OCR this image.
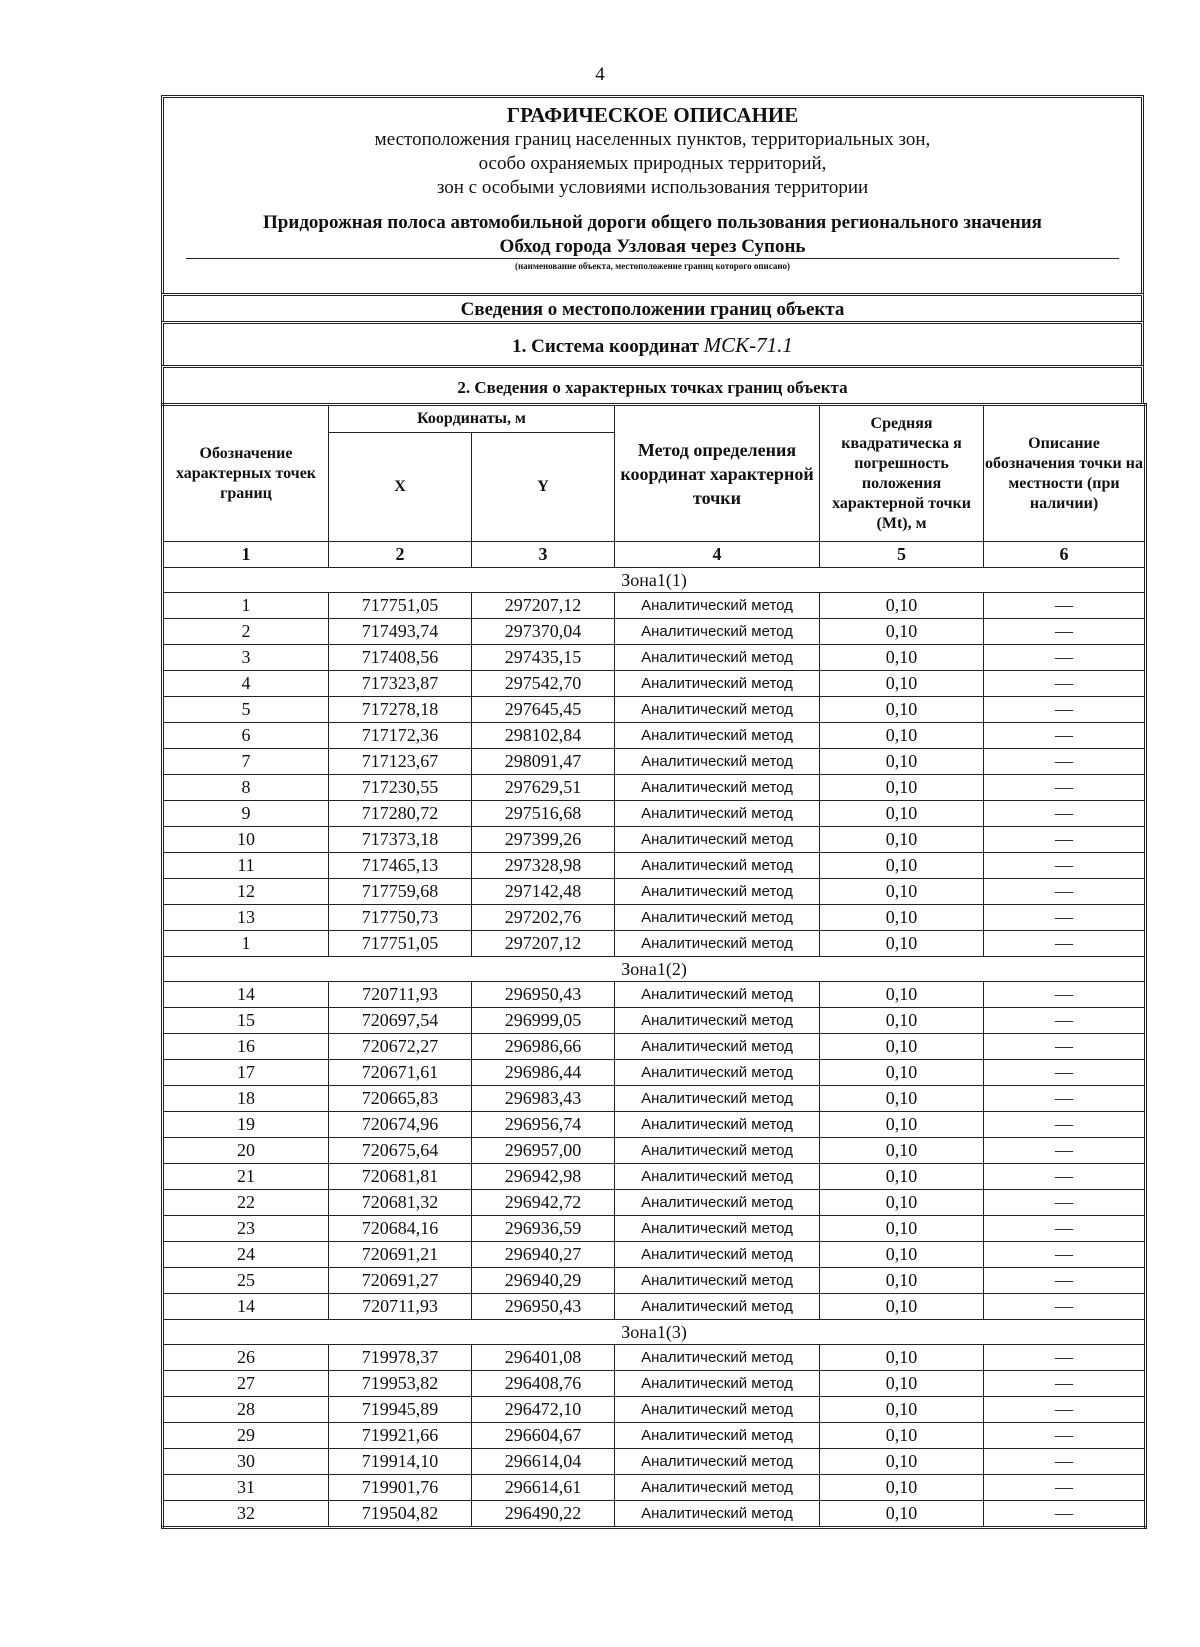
4
ГРАФИЧЕСКОЕ ОПИСАНИЕ
местоположения границ населенных пунктов, территориальных зон,
особо охраняемых природных территорий,
зон с особыми условиями использования территории
Придорожная полоса автомобильной дороги общего пользования регионального значения
Обход города Узловая через Супонь
(наименование объекта, местоположение границ которого описано)
Сведения о местоположении границ объекта
1. Система координат МСК-71.1
2. Сведения о характерных точках границ объекта
Обозначение характерных точек границ	Координаты, м		Метод определения координат характерной точки	Средняя квадратическа я погрешность положения характерной точки (Mt), м	Описание обозначения точки на местности (при наличии)
	X	Y			
1	2	3	4	5	6
Зона1(1)					
1	717751,05	297207,12	Аналитический метод	0,10	—
2	717493,74	297370,04	Аналитический метод	0,10	—
3	717408,56	297435,15	Аналитический метод	0,10	—
4	717323,87	297542,70	Аналитический метод	0,10	—
5	717278,18	297645,45	Аналитический метод	0,10	—
6	717172,36	298102,84	Аналитический метод	0,10	—
7	717123,67	298091,47	Аналитический метод	0,10	—
8	717230,55	297629,51	Аналитический метод	0,10	—
9	717280,72	297516,68	Аналитический метод	0,10	—
10	717373,18	297399,26	Аналитический метод	0,10	—
11	717465,13	297328,98	Аналитический метод	0,10	—
12	717759,68	297142,48	Аналитический метод	0,10	—
13	717750,73	297202,76	Аналитический метод	0,10	—
1	717751,05	297207,12	Аналитический метод	0,10	—
Зона1(2)					
14	720711,93	296950,43	Аналитический метод	0,10	—
15	720697,54	296999,05	Аналитический метод	0,10	—
16	720672,27	296986,66	Аналитический метод	0,10	—
17	720671,61	296986,44	Аналитический метод	0,10	—
18	720665,83	296983,43	Аналитический метод	0,10	—
19	720674,96	296956,74	Аналитический метод	0,10	—
20	720675,64	296957,00	Аналитический метод	0,10	—
21	720681,81	296942,98	Аналитический метод	0,10	—
22	720681,32	296942,72	Аналитический метод	0,10	—
23	720684,16	296936,59	Аналитический метод	0,10	—
24	720691,21	296940,27	Аналитический метод	0,10	—
25	720691,27	296940,29	Аналитический метод	0,10	—
14	720711,93	296950,43	Аналитический метод	0,10	—
Зона1(3)					
26	719978,37	296401,08	Аналитический метод	0,10	—
27	719953,82	296408,76	Аналитический метод	0,10	—
28	719945,89	296472,10	Аналитический метод	0,10	—
29	719921,66	296604,67	Аналитический метод	0,10	—
30	719914,10	296614,04	Аналитический метод	0,10	—
31	719901,76	296614,61	Аналитический метод	0,10	—
32	719504,82	296490,22	Аналитический метод	0,10	—
